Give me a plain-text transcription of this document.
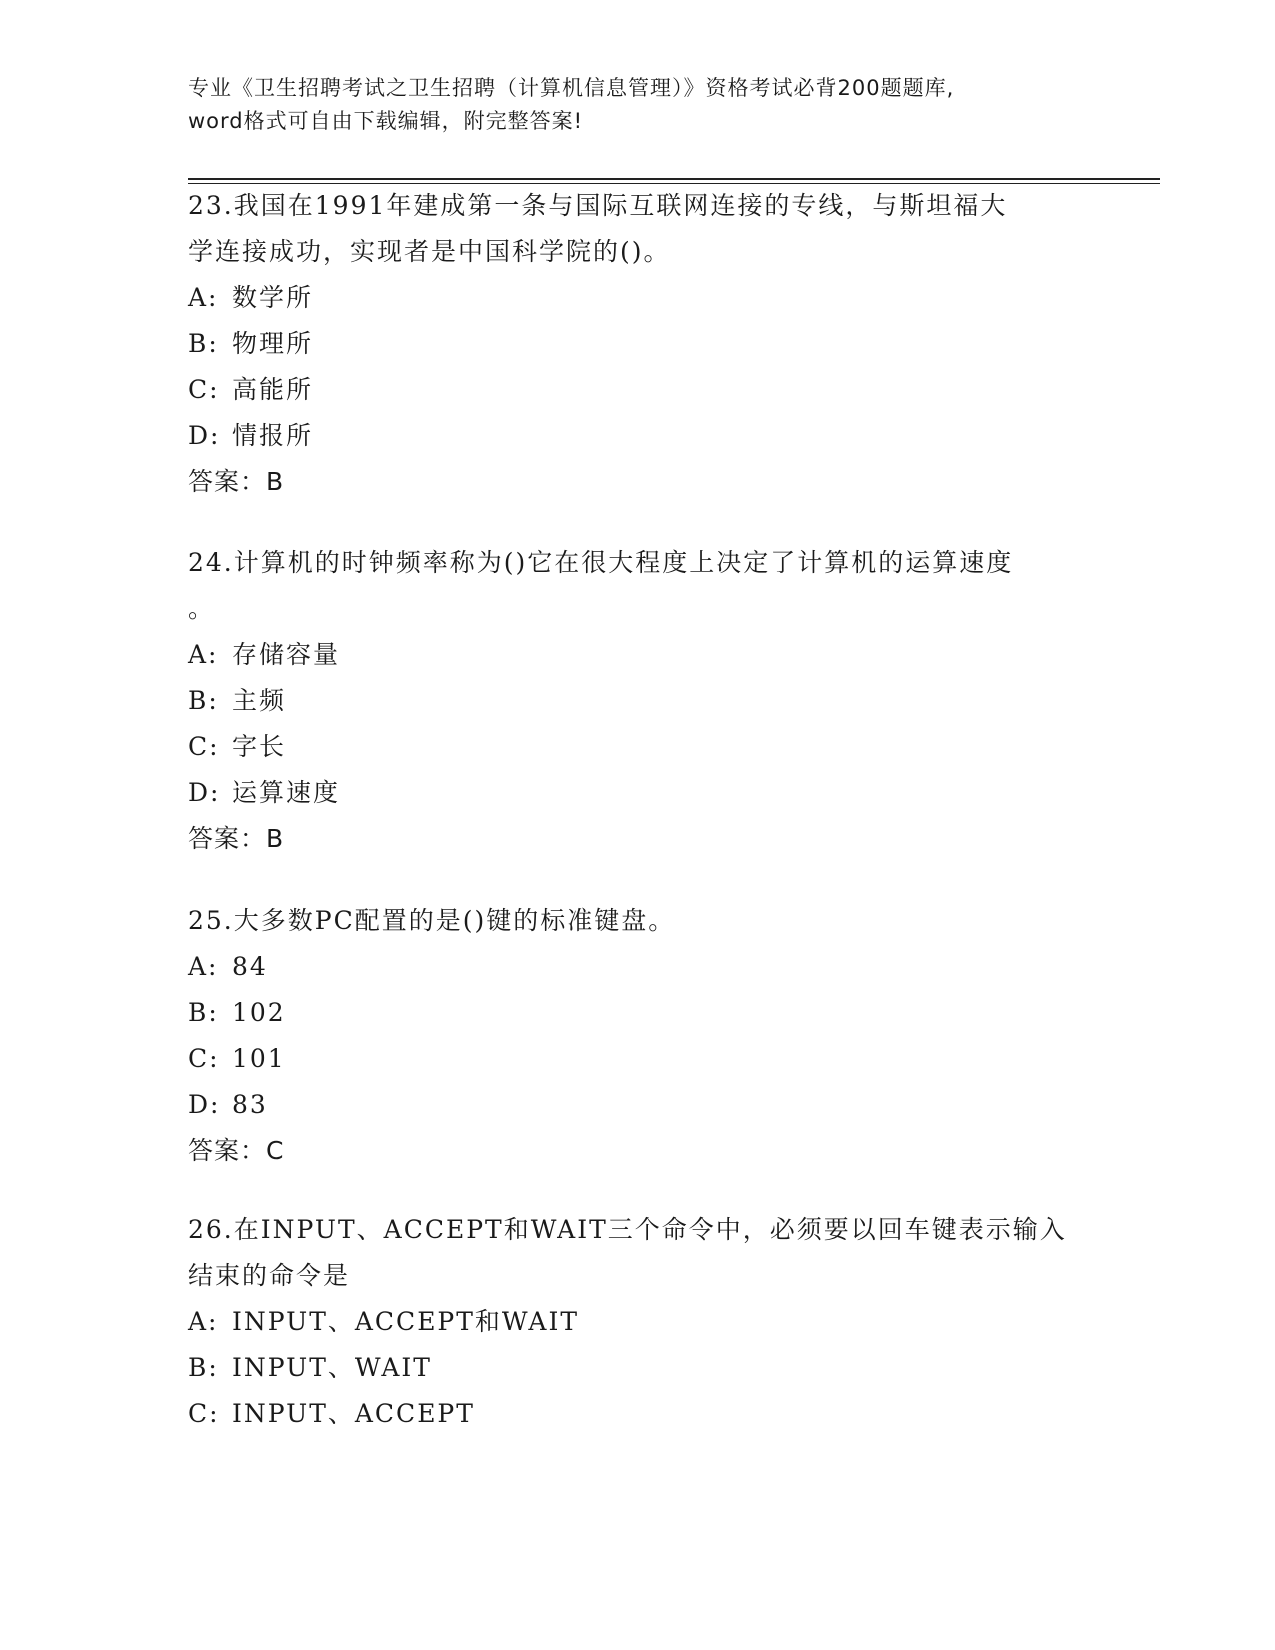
专业《卫生招聘考试之卫生招聘（计算机信息管理）》资格考试必背200题题库,
word格式可自由下载编辑，附完整答案!

23.我国在1991年建成第一条与国际互联网连接的专线，与斯坦福大

学连接成功，实现者是中国科学院的()。

A: 数学所
B: 物理所
C: 高能所
D: 情报所
答案：B

24.计算机的时钟频率称为()它在很大程度上决定了计算机的运算速度

。

A: 存储容量
B: 主频
C: 字长
D: 运算速度
答案：B

25.大多数PC配置的是()键的标准键盘。

A: 84
B: 102
C: 101
D: 83
答案：C

26.在INPUT、ACCEPT和WAIT三个命令中，必须要以回车键表示输入

结束的命令是

A: INPUT、ACCEPT和WAIT
B: INPUT、WAIT
C: INPUT、ACCEPT
